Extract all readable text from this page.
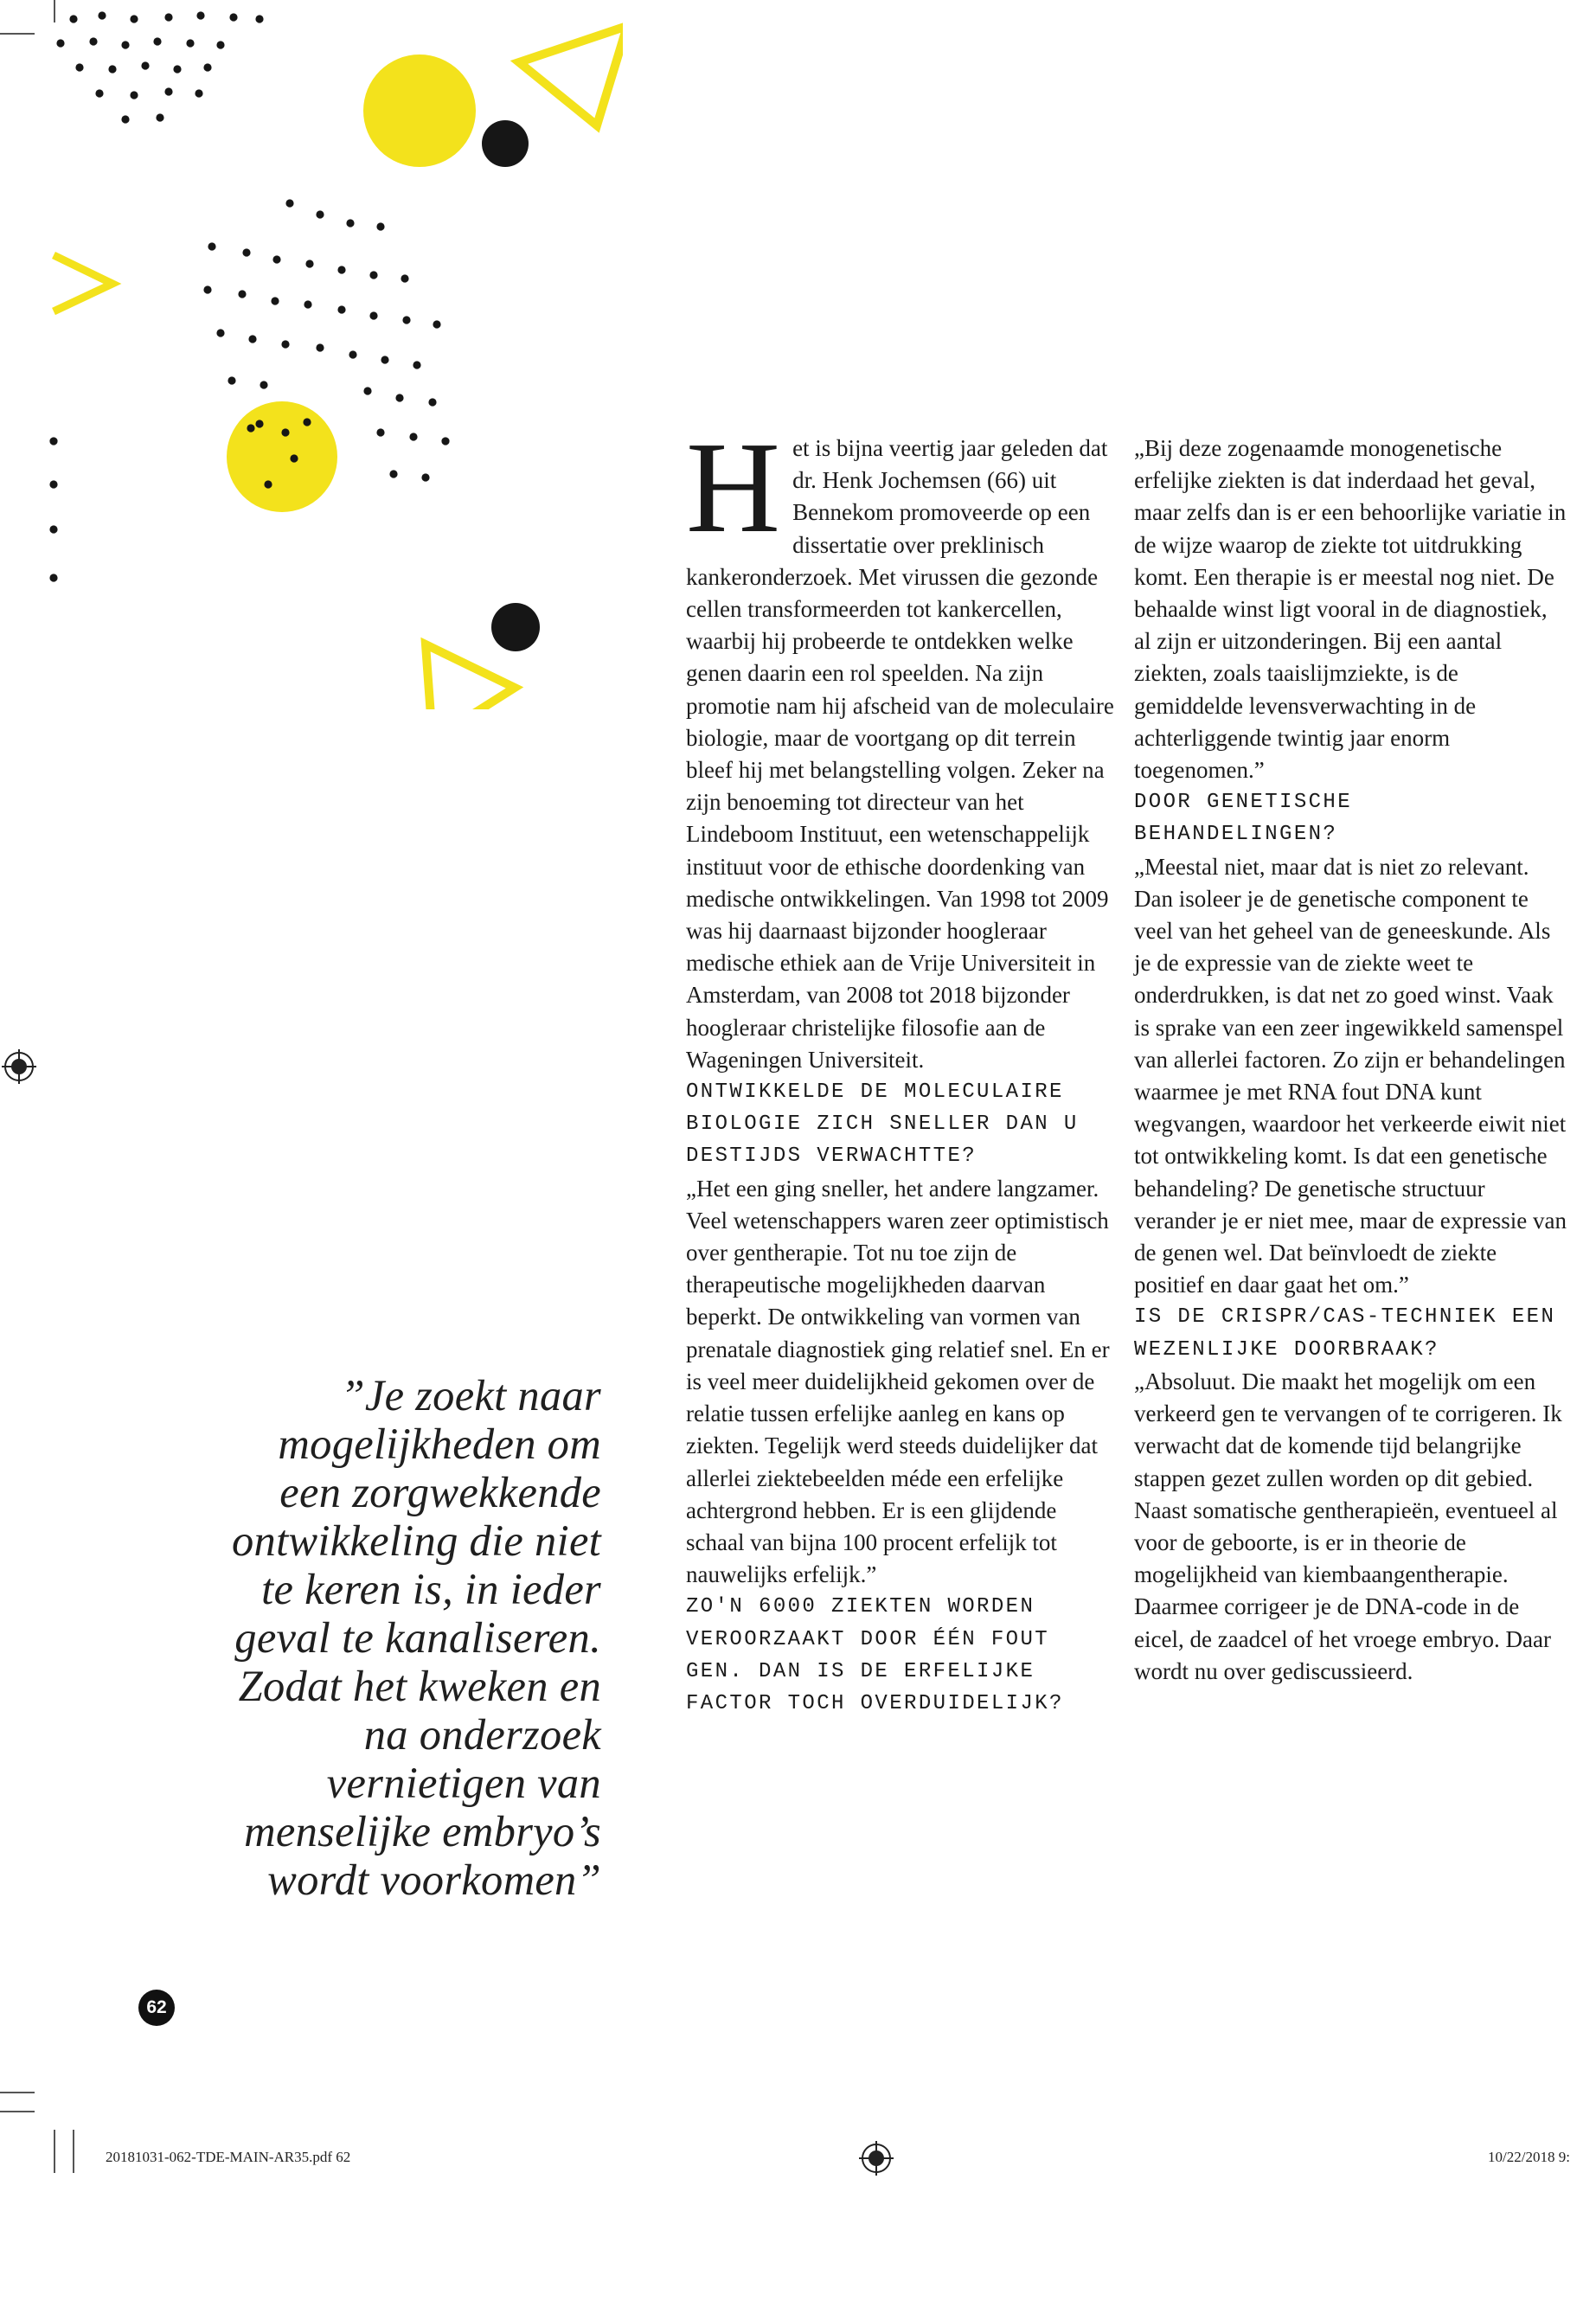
”Je zoekt naar mogelijkheden om een zorgwekkende ontwikkeling die niet te keren is, in ieder geval te kanaliseren. Zodat het kweken en na onderzoek vernietigen van menselijke embryo’s wordt voorkomen”

Het is bijna veertig jaar geleden dat dr. Henk Jochemsen (66) uit Bennekom promoveerde op een dissertatie over preklinisch kankeronderzoek. Met virussen die gezonde cellen transformeerden tot kankercellen, waarbij hij probeerde te ontdekken welke genen daarin een rol speelden. Na zijn promotie nam hij afscheid van de moleculaire biologie, maar de voortgang op dit terrein bleef hij met belangstelling volgen. Zeker na zijn benoeming tot directeur van het Lindeboom Instituut, een wetenschappelijk instituut voor de ethische doordenking van medische ontwikkelingen. Van 1998 tot 2009 was hij daarnaast bijzonder hoogleraar medische ethiek aan de Vrije Universiteit in Amsterdam, van 2008 tot 2018 bijzonder hoogleraar christelijke filosofie aan de Wageningen Universiteit.

ONTWIKKELDE DE MOLECULAIRE BIOLOGIE ZICH SNELLER DAN U DESTIJDS VERWACHTTE?

„Het een ging sneller, het andere langzamer. Veel wetenschappers waren zeer optimistisch over gentherapie. Tot nu toe zijn de therapeutische mogelijkheden daarvan beperkt. De ontwikkeling van vormen van prenatale diagnostiek ging relatief snel. En er is veel meer duidelijkheid gekomen over de relatie tussen erfelijke aanleg en kans op ziekten. Tegelijk werd steeds duidelijker dat allerlei ziektebeelden méde een erfelijke achtergrond hebben. Er is een glijdende schaal van bijna 100 procent erfelijk tot nauwelijks erfelijk.”

ZO'N 6000 ZIEKTEN WORDEN VEROORZAAKT DOOR ÉÉN FOUT GEN. DAN IS DE ERFELIJKE FACTOR TOCH OVERDUIDELIJK?

„Bij deze zogenaamde monogenetische erfelijke ziekten is dat inderdaad het geval, maar zelfs dan is er een behoorlijke variatie in de wijze waarop de ziekte tot uitdrukking komt. Een therapie is er meestal nog niet. De behaalde winst ligt vooral in de diagnostiek, al zijn er uitzonderingen. Bij een aantal ziekten, zoals taaislijmziekte, is de gemiddelde levensverwachting in de achterliggende twintig jaar enorm toegenomen.”

DOOR GENETISCHE BEHANDELINGEN?

„Meestal niet, maar dat is niet zo relevant. Dan isoleer je de genetische component te veel van het geheel van de geneeskunde. Als je de expressie van de ziekte weet te onderdrukken, is dat net zo goed winst. Vaak is sprake van een zeer ingewikkeld samenspel van allerlei factoren. Zo zijn er behandelingen waarmee je met RNA fout DNA kunt wegvangen, waardoor het verkeerde eiwit niet tot ontwikkeling komt. Is dat een genetische behandeling? De genetische structuur verander je er niet mee, maar de expressie van de genen wel. Dat beïnvloedt de ziekte positief en daar gaat het om.”

IS DE CRISPR/CAS-TECHNIEK EEN WEZENLIJKE DOORBRAAK?

„Absoluut. Die maakt het mogelijk om een verkeerd gen te vervangen of te corrigeren. Ik verwacht dat de komende tijd belangrijke stappen gezet zullen worden op dit gebied. Naast somatische gentherapieën, eventueel al voor de geboorte, is er in theorie de mogelijkheid van kiembaangentherapie. Daarmee corrigeer je de DNA-code in de eicel, de zaadcel of het vroege embryo. Daar wordt nu over gediscussieerd.

62
20181031-062-TDE-MAIN-AR35.pdf 62	10/22/2018 9:
